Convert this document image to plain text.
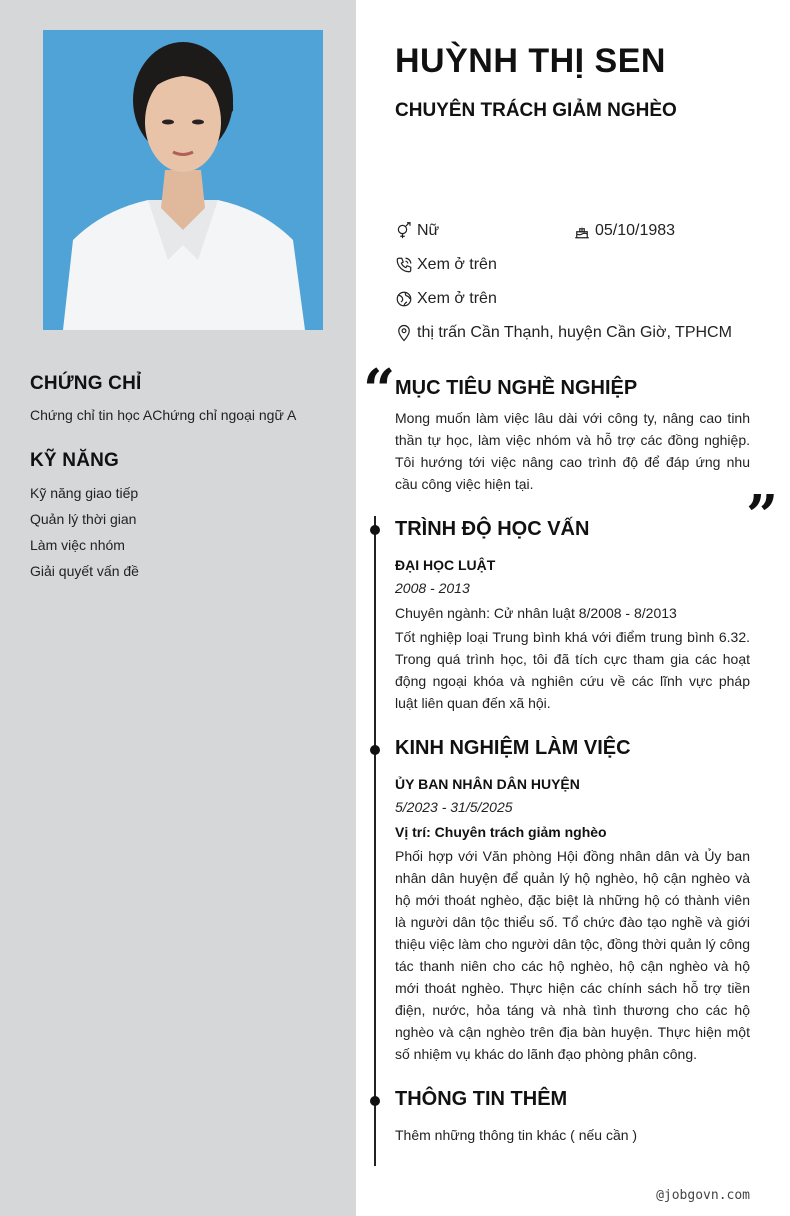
CHỨNG CHỈ
Chứng chỉ tin học AChứng chỉ ngoại ngữ A
KỸ NĂNG
Kỹ năng giao tiếp
Quản lý thời gian
Làm việc nhóm
Giải quyết vấn đề
HUỲNH THỊ SEN
CHUYÊN TRÁCH GIẢM NGHÈO
Nữ	05/10/1983
Xem ở trên
Xem ở trên
thị trấn Cần Thạnh, huyện Cần Giờ, TPHCM
“ MỤC TIÊU NGHỀ NGHIỆP
Mong muốn làm việc lâu dài với công ty, nâng cao tinh thần tự học, làm việc nhóm và hỗ trợ các đồng nghiệp. Tôi hướng tới việc nâng cao trình độ để đáp ứng nhu cầu công việc hiện tại.	”
TRÌNH ĐỘ HỌC VẤN
ĐẠI HỌC LUẬT
2008 - 2013
Chuyên ngành: Cử nhân luật 8/2008 - 8/2013
Tốt nghiệp loại Trung bình khá với điểm trung bình 6.32. Trong quá trình học, tôi đã tích cực tham gia các hoạt động ngoại khóa và nghiên cứu về các lĩnh vực pháp luật liên quan đến xã hội.
KINH NGHIỆM LÀM VIỆC
ỦY BAN NHÂN DÂN HUYỆN
5/2023 - 31/5/2025
Vị trí: Chuyên trách giảm nghèo
Phối hợp với Văn phòng Hội đồng nhân dân và Ủy ban nhân dân huyện để quản lý hộ nghèo, hộ cận nghèo và hộ mới thoát nghèo, đặc biệt là những hộ có thành viên là người dân tộc thiểu số. Tổ chức đào tạo nghề và giới thiệu việc làm cho người dân tộc, đồng thời quản lý công tác thanh niên cho các hộ nghèo, hộ cận nghèo và hộ mới thoát nghèo. Thực hiện các chính sách hỗ trợ tiền điện, nước, hỏa táng và nhà tình thương cho các hộ nghèo và cận nghèo trên địa bàn huyện. Thực hiện một số nhiệm vụ khác do lãnh đạo phòng phân công.
THÔNG TIN THÊM
Thêm những thông tin khác ( nếu cần )
@jobgovn.com
